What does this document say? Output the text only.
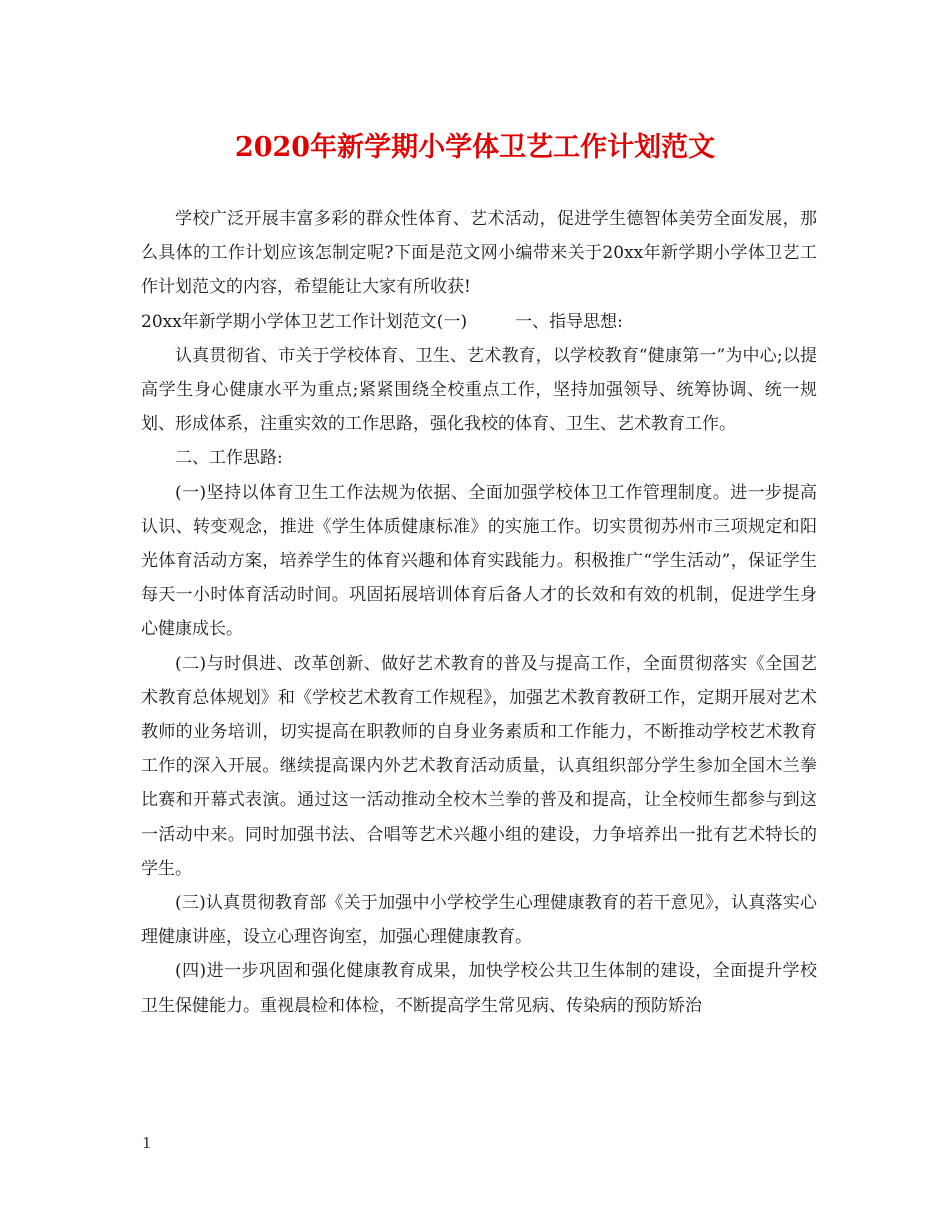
2020年新学期小学体卫艺工作计划范文

学校广泛开展丰富多彩的群众性体育、艺术活动，促进学生德智体美劳全面发展，那么具体的工作计划应该怎制定呢?下面是范文网小编带来关于20xx年新学期小学体卫艺工作计划范文的内容，希望能让大家有所收获!

20xx年新学期小学体卫艺工作计划范文(一)	一、指导思想:

认真贯彻省、市关于学校体育、卫生、艺术教育，以学校教育“健康第一”为中心;以提高学生身心健康水平为重点;紧紧围绕全校重点工作，坚持加强领导、统筹协调、统一规划、形成体系，注重实效的工作思路，强化我校的体育、卫生、艺术教育工作。

二、工作思路:

(一)坚持以体育卫生工作法规为依据、全面加强学校体卫工作管理制度。进一步提高认识、转变观念，推进《学生体质健康标准》的实施工作。切实贯彻苏州市三项规定和阳光体育活动方案，培养学生的体育兴趣和体育实践能力。积极推广“学生活动”，保证学生每天一小时体育活动时间。巩固拓展培训体育后备人才的长效和有效的机制，促进学生身心健康成长。

(二)与时俱进、改革创新、做好艺术教育的普及与提高工作，全面贯彻落实《全国艺术教育总体规划》和《学校艺术教育工作规程》，加强艺术教育教研工作，定期开展对艺术教师的业务培训，切实提高在职教师的自身业务素质和工作能力，不断推动学校艺术教育工作的深入开展。继续提高课内外艺术教育活动质量，认真组织部分学生参加全国木兰拳比赛和开幕式表演。通过这一活动推动全校木兰拳的普及和提高，让全校师生都参与到这一活动中来。同时加强书法、合唱等艺术兴趣小组的建设，力争培养出一批有艺术特长的学生。

(三)认真贯彻教育部《关于加强中小学校学生心理健康教育的若干意见》，认真落实心理健康讲座，设立心理咨询室，加强心理健康教育。

(四)进一步巩固和强化健康教育成果，加快学校公共卫生体制的建设，全面提升学校卫生保健能力。重视晨检和体检，不断提高学生常见病、传染病的预防矫治

1
